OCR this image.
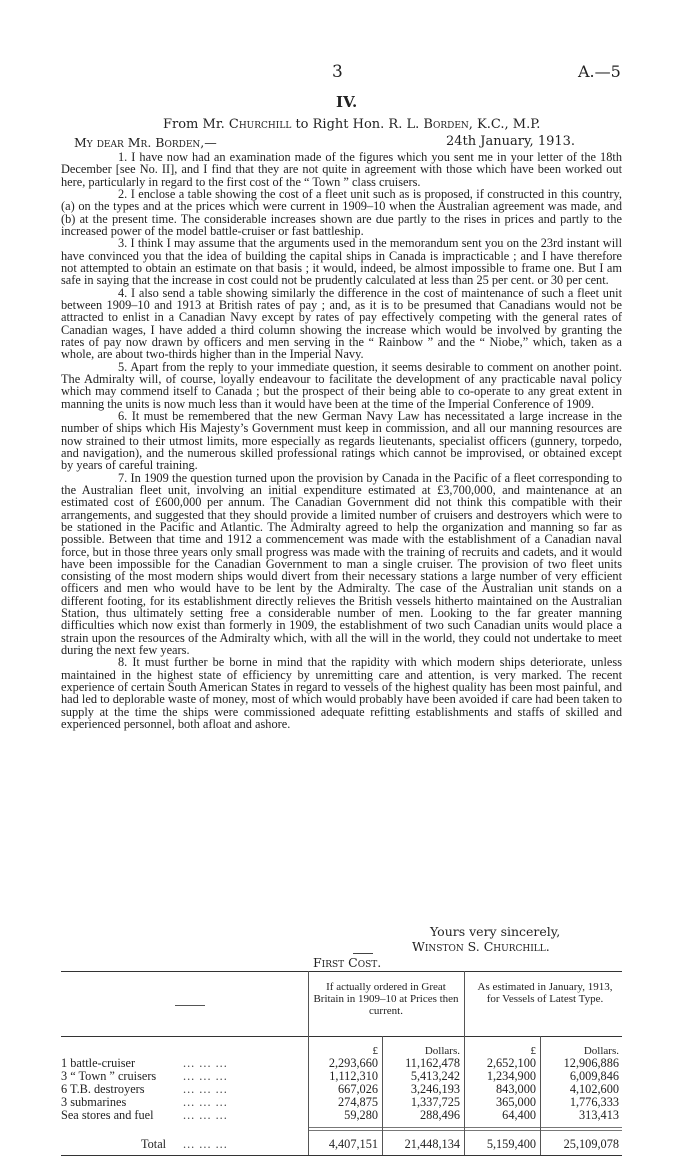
3	A.—5
IV.
From Mr. Churchill to Right Hon. R. L. Borden, K.C., M.P.
My dear Mr. Borden,—	24th January, 1913.

1. I have now had an examination made of the figures which you sent me in your letter of the 18th December [see No. II], and I find that they are not quite in agreement with those which have been worked out here, particularly in regard to the first cost of the “ Town ” class cruisers.

2. I enclose a table showing the cost of a fleet unit such as is proposed, if constructed in this country, (a) on the types and at the prices which were current in 1909–10 when the Australian agreement was made, and (b) at the present time. The considerable increases shown are due partly to the rises in prices and partly to the increased power of the model battle-cruiser or fast battleship.

3. I think I may assume that the arguments used in the memorandum sent you on the 23rd instant will have convinced you that the idea of building the capital ships in Canada is impracticable ; and I have therefore not attempted to obtain an estimate on that basis ; it would, indeed, be almost impossible to frame one. But I am safe in saying that the increase in cost could not be prudently calculated at less than 25 per cent. or 30 per cent.

4. I also send a table showing similarly the difference in the cost of maintenance of such a fleet unit between 1909–10 and 1913 at British rates of pay ; and, as it is to be presumed that Canadians would not be attracted to enlist in a Canadian Navy except by rates of pay effectively competing with the general rates of Canadian wages, I have added a third column showing the increase which would be involved by granting the rates of pay now drawn by officers and men serving in the “ Rainbow ” and the “ Niobe,” which, taken as a whole, are about two-thirds higher than in the Imperial Navy.

5. Apart from the reply to your immediate question, it seems desirable to comment on another point. The Admiralty will, of course, loyally endeavour to facilitate the development of any practicable naval policy which may commend itself to Canada ; but the prospect of their being able to co-operate to any great extent in manning the units is now much less than it would have been at the time of the Imperial Conference of 1909.

6. It must be remembered that the new German Navy Law has necessitated a large increase in the number of ships which His Majesty’s Government must keep in commission, and all our manning resources are now strained to their utmost limits, more especially as regards lieutenants, specialist officers (gunnery, torpedo, and navigation), and the numerous skilled professional ratings which cannot be improvised, or obtained except by years of careful training.

7. In 1909 the question turned upon the provision by Canada in the Pacific of a fleet corresponding to the Australian fleet unit, involving an initial expenditure estimated at £3,700,000, and maintenance at an estimated cost of £600,000 per annum. The Canadian Government did not think this compatible with their arrangements, and suggested that they should provide a limited number of cruisers and destroyers which were to be stationed in the Pacific and Atlantic. The Admiralty agreed to help the organization and manning so far as possible. Between that time and 1912 a commencement was made with the establishment of a Canadian naval force, but in those three years only small progress was made with the training of recruits and cadets, and it would have been impossible for the Canadian Government to man a single cruiser. The provision of two fleet units consisting of the most modern ships would divert from their necessary stations a large number of very efficient officers and men who would have to be lent by the Admiralty. The case of the Australian unit stands on a different footing, for its establishment directly relieves the British vessels hitherto maintained on the Australian Station, thus ultimately setting free a considerable number of men. Looking to the far greater manning difficulties which now exist than formerly in 1909, the establishment of two such Canadian units would place a strain upon the resources of the Admiralty which, with all the will in the world, they could not undertake to meet during the next few years.

8. It must further be borne in mind that the rapidity with which modern ships deteriorate, unless maintained in the highest state of efficiency by unremitting care and attention, is very marked. The recent experience of certain South American States in regard to vessels of the highest quality has been most painful, and had led to deplorable waste of money, most of which would probably have been avoided if care had been taken to supply at the time the ships were commissioned adequate refitting establishments and staffs of skilled and experienced personnel, both afloat and ashore.

Yours very sincerely,
Winston S. Churchill.
First Cost.
If actually ordered in Great Britain in 1909–10 at Prices then current.
As estimated in January, 1913, for Vessels of Latest Type.
£	Dollars.	£	Dollars.
1 battle-cruiser	... ... ...	2,293,660	11,162,478	2,652,100	12,906,886
3 “ Town ” cruisers ... ... ...	1,112,310	5,413,242	1,234,900	6,009,846
6 T.B. destroyers	... ... ...	667,026	3,246,193	843,000	4,102,600
3 submarines	... ... ...	274,875	1,337,725	365,000	1,776,333
Sea stores and fuel ... ... ...	59,280	288,496	64,400	313,413
Total ... ... ...	4,407,151	21,448,134	5,159,400	25,109,078
